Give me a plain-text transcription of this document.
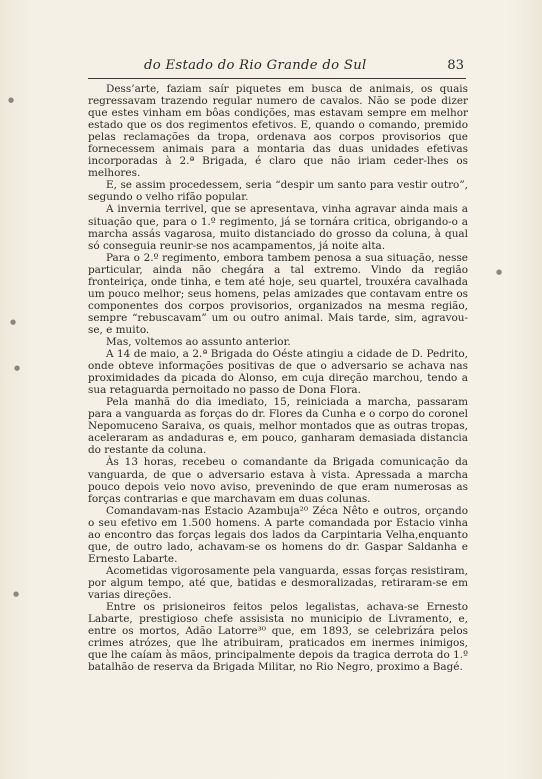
do Estado do Rio Grande do Sul	83

Dess’arte, faziam saír piquetes em busca de animais, os quais regressavam trazendo regular numero de cavalos. Não se pode dizer que estes vinham em bôas condições, mas estavam sempre em melhor estado que os dos regimentos efetivos. E, quando o comando, premido pelas reclamações da tropa, ordenava aos corpos provisorios que fornecessem animais para a montaria das duas unidades efetivas incorporadas à 2.ª Brigada, é claro que não iriam ceder-lhes os melhores.

E, se assim procedessem, seria “despir um santo para vestir outro”, segundo o velho rifão popular.

A invernia terrivel, que se apresentava, vinha agravar ainda mais a situação que, para o 1.º regimento, já se tornára critica, obrigando-o a marcha assás vagarosa, muito distanciado do grosso da coluna, à qual só conseguia reunir-se nos acampamentos, já noite alta.

Para o 2.º regimento, embora tambem penosa a sua situação, nesse particular, ainda não chegára a tal extremo. Vindo da região fronteiriça, onde tinha, e tem até hoje, seu quartel, trouxéra cavalhada um pouco melhor; seus homens, pelas amizades que contavam entre os componentes dos corpos provisorios, organizados na mesma região, sempre “rebuscavam” um ou outro animal. Mais tarde, sim, agravou-se, e muito.

Mas, voltemos ao assunto anterior.

A 14 de maio, a 2.ª Brigada do Oéste atingiu a cidade de D. Pedrito, onde obteve informações positivas de que o adversario se achava nas proximidades da picada do Alonso, em cuja direção marchou, tendo a sua retaguarda pernoitado no passo de Dona Flora.

Pela manhã do dia imediato, 15, reiniciada a marcha, passaram para a vanguarda as forças do dr. Flores da Cunha e o corpo do coronel Nepomuceno Saraiva, os quais, melhor montados que as outras tropas, aceleraram as andaduras e, em pouco, ganharam demasiada distancia do restante da coluna.

Às 13 horas, recebeu o comandante da Brigada comunicação da vanguarda, de que o adversario estava à vista. Apressada a marcha pouco depois veio novo aviso, prevenindo de que eram numerosas as forças contrarias e que marchavam em duas colunas.

Comandavam-nas Estacio Azambuja²⁰ Zéca Nêto e outros, orçando o seu efetivo em 1.500 homens. A parte comandada por Estacio vinha ao encontro das forças legais dos lados da Carpintaria Velha,enquanto que, de outro lado, achavam-se os homens do dr. Gaspar Saldanha e Ernesto Labarte.

Acometidas vigorosamente pela vanguarda, essas forças resistiram, por algum tempo, até que, batidas e desmoralizadas, retiraram-se em varias direções.

Entre os prisioneiros feitos pelos legalistas, achava-se Ernesto Labarte, prestigioso chefe assisista no municipio de Livramento, e, entre os mortos, Adão Latorre³⁰ que, em 1893, se celebrizára pelos crimes atrózes, que lhe atribuiram, praticados em inermes inimigos, que lhe caíam às mãos, principalmente depois da tragica derrota do 1.º batalhão de reserva da Brigada Militar, no Rio Negro, proximo a Bagé.

●
●
●
●
●
